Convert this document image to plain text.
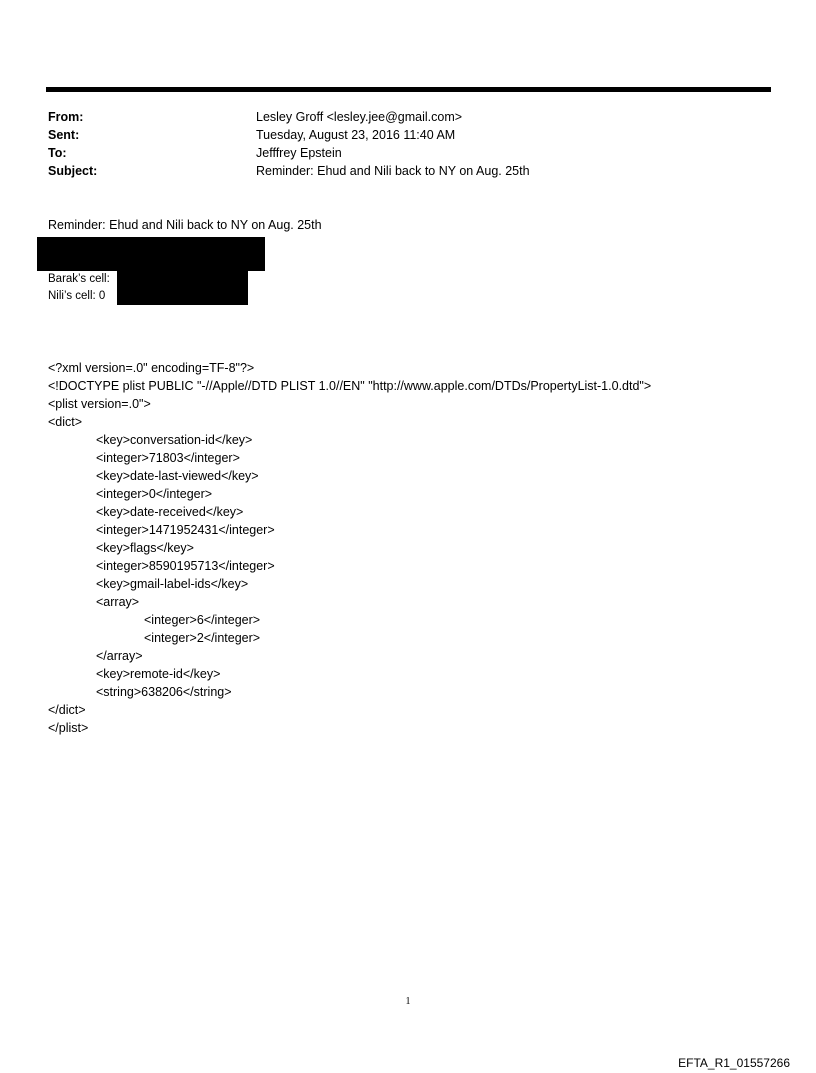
From:	Lesley Groff <lesley.jee@gmail.com>
Sent:	Tuesday, August 23, 2016 11:40 AM
To:	Jefffrey Epstein
Subject:	Reminder: Ehud and Nili back to NY on Aug. 25th
Reminder: Ehud and Nili back to NY on Aug. 25th
Barak’s cell:
Nili’s cell: 0
<?xml version=.0" encoding=TF-8"?>
<!DOCTYPE plist PUBLIC "-//Apple//DTD PLIST 1.0//EN" "http://www.apple.com/DTDs/PropertyList-1.0.dtd">
<plist version=.0">
<dict>
<key>conversation-id</key>
<integer>71803</integer>
<key>date-last-viewed</key>
<integer>0</integer>
<key>date-received</key>
<integer>1471952431</integer>
<key>flags</key>
<integer>8590195713</integer>
<key>gmail-label-ids</key>
<array>
<integer>6</integer>
<integer>2</integer>
</array>
<key>remote-id</key>
<string>638206</string>
</dict>
</plist>
1
EFTA_R1_01557266
